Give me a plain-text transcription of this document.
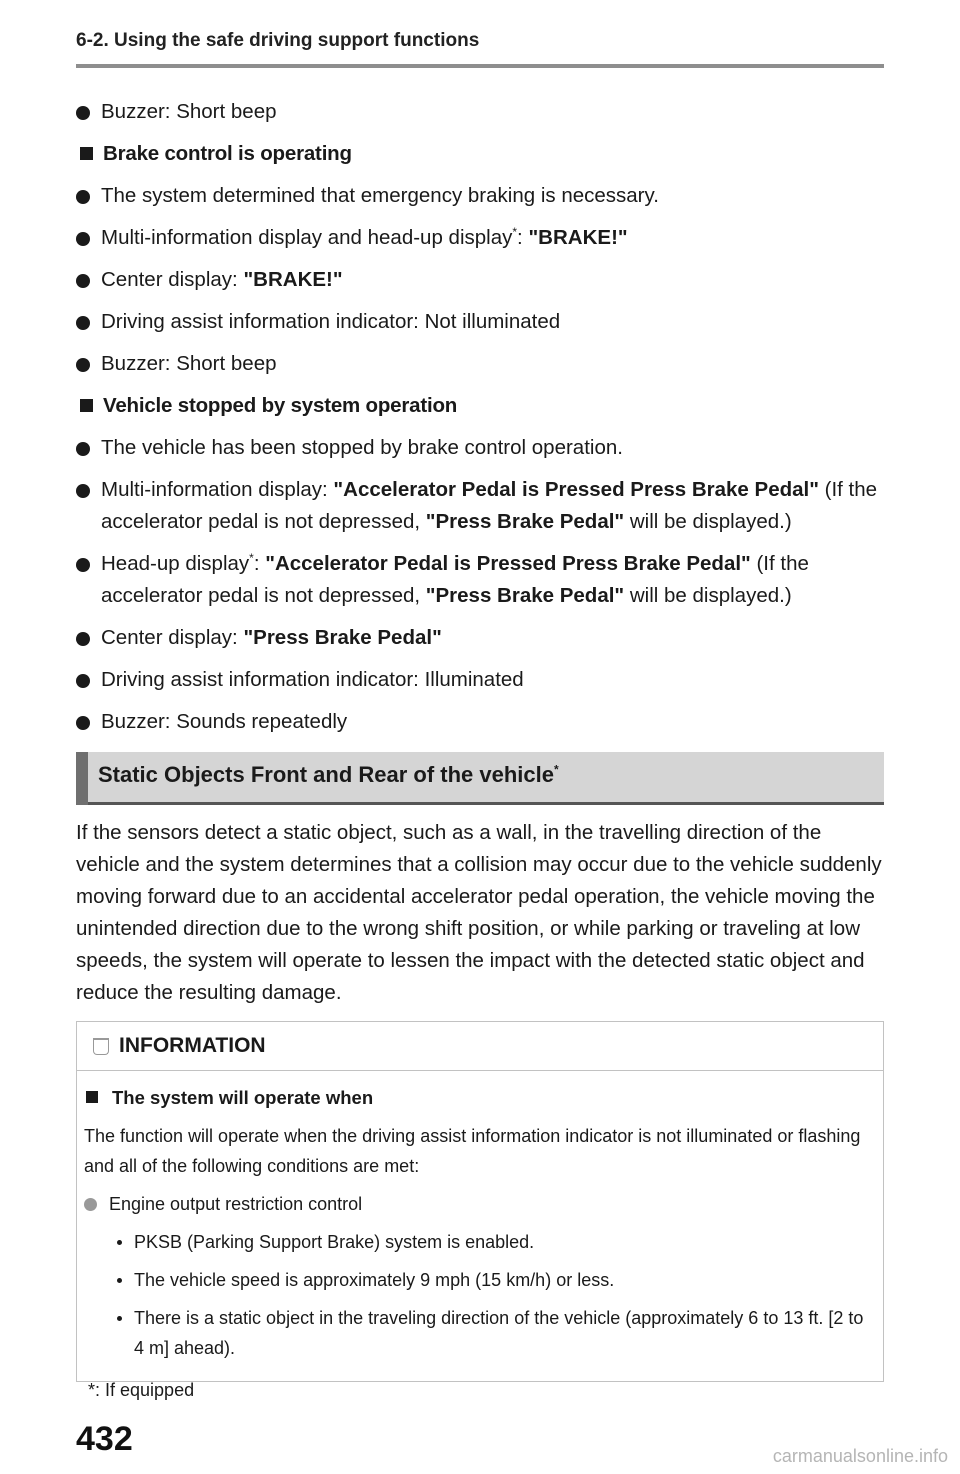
6-2. Using the safe driving support functions
Buzzer: Short beep
Brake control is operating
The system determined that emergency braking is necessary.
Multi-information display and head-up display*: "BRAKE!"
Center display: "BRAKE!"
Driving assist information indicator: Not illuminated
Buzzer: Short beep
Vehicle stopped by system operation
The vehicle has been stopped by brake control operation.
Multi-information display: "Accelerator Pedal is Pressed Press Brake Pedal" (If the accelerator pedal is not depressed, "Press Brake Pedal" will be displayed.)
Head-up display*: "Accelerator Pedal is Pressed Press Brake Pedal" (If the accelerator pedal is not depressed, "Press Brake Pedal" will be displayed.)
Center display: "Press Brake Pedal"
Driving assist information indicator: Illuminated
Buzzer: Sounds repeatedly
Static Objects Front and Rear of the vehicle*
If the sensors detect a static object, such as a wall, in the travelling direction of the vehicle and the system determines that a collision may occur due to the vehicle suddenly moving forward due to an accidental accelerator pedal operation, the vehicle moving the unintended direction due to the wrong shift position, or while parking or traveling at low speeds, the system will operate to lessen the impact with the detected static object and reduce the resulting damage.
INFORMATION
The system will operate when
The function will operate when the driving assist information indicator is not illuminated or flashing and all of the following conditions are met:
Engine output restriction control
PKSB (Parking Support Brake) system is enabled.
The vehicle speed is approximately 9 mph (15 km/h) or less.
There is a static object in the traveling direction of the vehicle (approximately 6 to 13 ft. [2 to 4 m] ahead).
*: If equipped
432	carmanualsonline.info
